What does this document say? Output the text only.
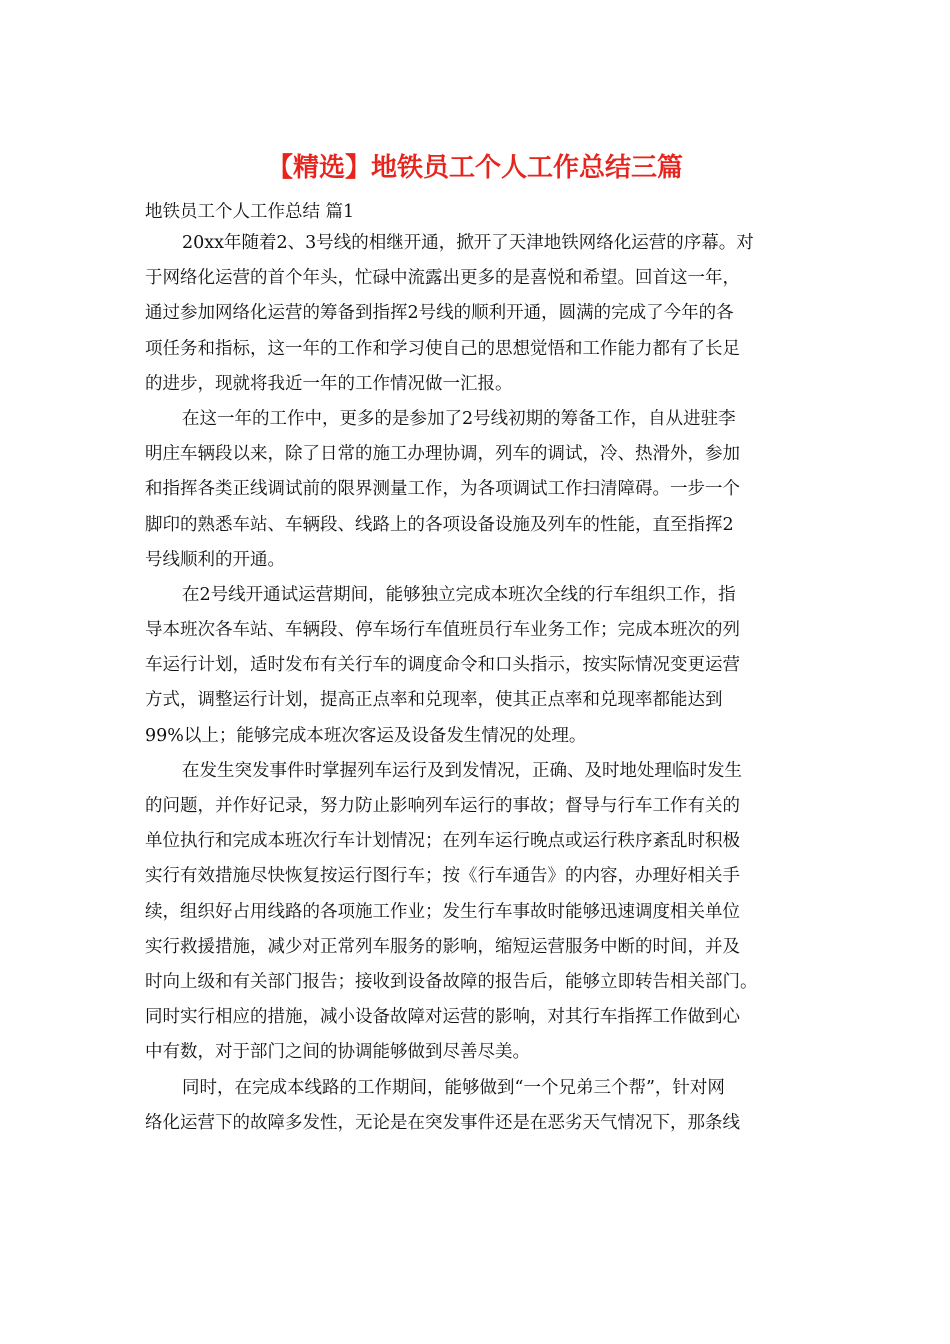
【精选】地铁员工个人工作总结三篇
地铁员工个人工作总结 篇1
20xx年随着2、3号线的相继开通，掀开了天津地铁网络化运营的序幕。对
于网络化运营的首个年头，忙碌中流露出更多的是喜悦和希望。回首这一年，
通过参加网络化运营的筹备到指挥2号线的顺利开通，圆满的完成了今年的各
项任务和指标，这一年的工作和学习使自己的思想觉悟和工作能力都有了长足
的进步，现就将我近一年的工作情况做一汇报。
在这一年的工作中，更多的是参加了2号线初期的筹备工作，自从进驻李
明庄车辆段以来，除了日常的施工办理协调，列车的调试，冷、热滑外，参加
和指挥各类正线调试前的限界测量工作，为各项调试工作扫清障碍。一步一个
脚印的熟悉车站、车辆段、线路上的各项设备设施及列车的性能，直至指挥2
号线顺利的开通。
在2号线开通试运营期间，能够独立完成本班次全线的行车组织工作，指
导本班次各车站、车辆段、停车场行车值班员行车业务工作；完成本班次的列
车运行计划，适时发布有关行车的调度命令和口头指示，按实际情况变更运营
方式，调整运行计划，提高正点率和兑现率，使其正点率和兑现率都能达到
99%以上；能够完成本班次客运及设备发生情况的处理。
在发生突发事件时掌握列车运行及到发情况，正确、及时地处理临时发生
的问题，并作好记录，努力防止影响列车运行的事故；督导与行车工作有关的
单位执行和完成本班次行车计划情况；在列车运行晚点或运行秩序紊乱时积极
实行有效措施尽快恢复按运行图行车；按《行车通告》的内容，办理好相关手
续，组织好占用线路的各项施工作业；发生行车事故时能够迅速调度相关单位
实行救援措施，减少对正常列车服务的影响，缩短运营服务中断的时间，并及
时向上级和有关部门报告；接收到设备故障的报告后，能够立即转告相关部门。
同时实行相应的措施，减小设备故障对运营的影响，对其行车指挥工作做到心
中有数，对于部门之间的协调能够做到尽善尽美。
同时，在完成本线路的工作期间，能够做到“一个兄弟三个帮”，针对网
络化运营下的故障多发性，无论是在突发事件还是在恶劣天气情况下，那条线
